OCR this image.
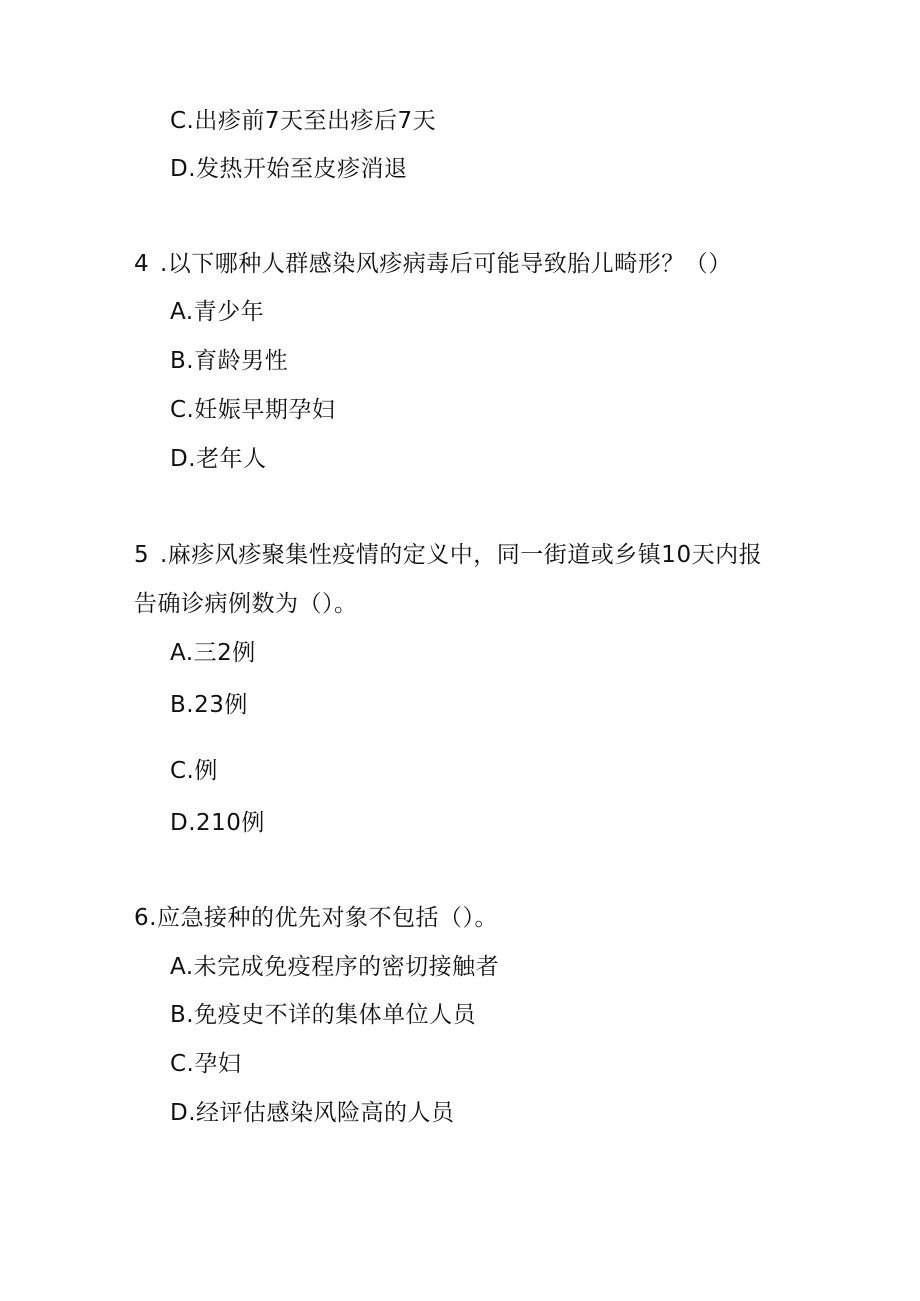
C.出疹前7天至出疹后7天
D.发热开始至皮疹消退
4 .以下哪种人群感染风疹病毒后可能导致胎儿畸形？（）
A.青少年
B.育龄男性
C.妊娠早期孕妇
D.老年人
5 .麻疹风疹聚集性疫情的定义中，同一街道或乡镇10天内报
告确诊病例数为（）。
A.三2例
B.23例
C.例
D.210例
6.应急接种的优先对象不包括（）。
A.未完成免疫程序的密切接触者
B.免疫史不详的集体单位人员
C.孕妇
D.经评估感染风险高的人员
